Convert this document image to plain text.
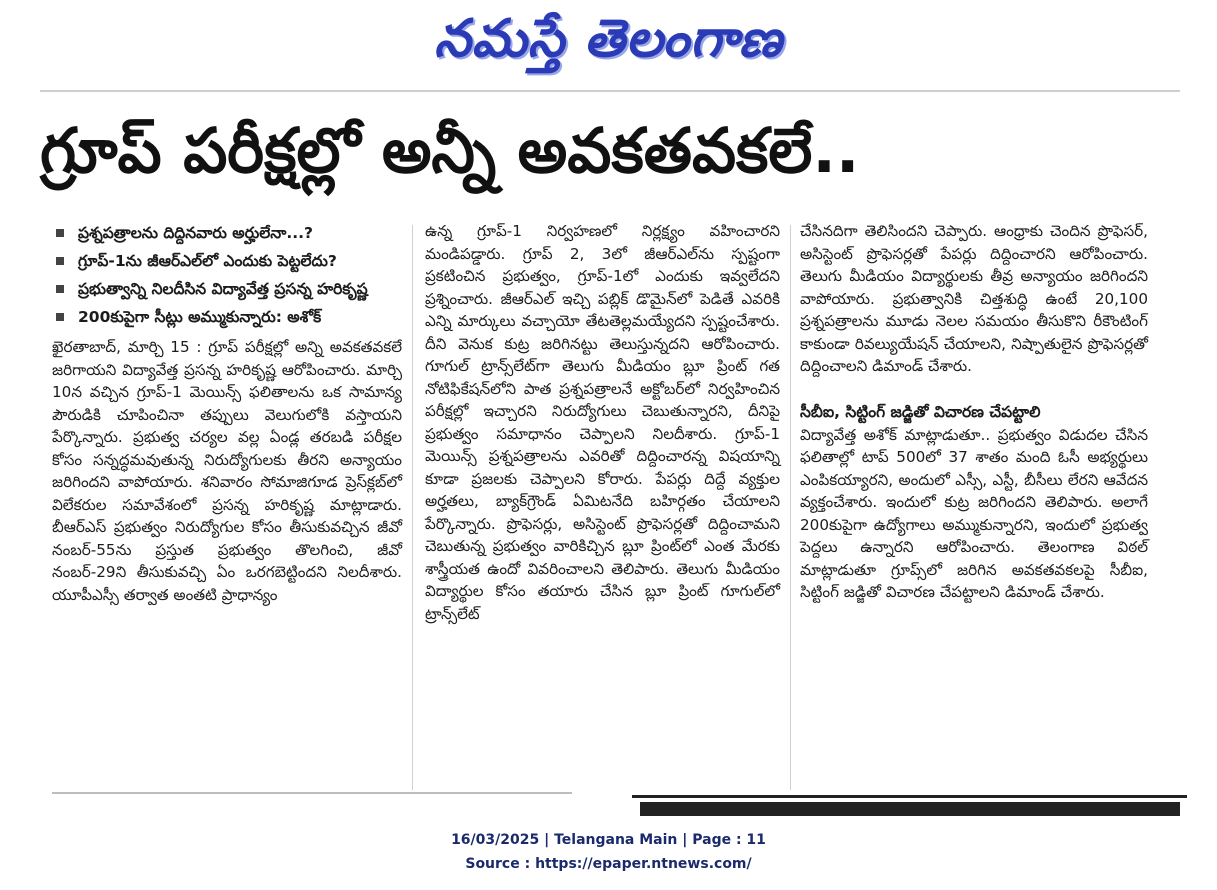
నమస్తే తెలంగాణ
గ్రూప్ పరీక్షల్లో అన్నీ అవకతవకలే..
ప్రశ్నపత్రాలను దిద్దినవారు అర్హులేనా...?
గ్రూప్-1ను జీఆర్‌ఎల్‌లో ఎందుకు పెట్టలేదు?
ప్రభుత్వాన్ని నిలదీసిన విద్యావేత్త ప్రసన్న హరికృష్ణ
200కుపైగా సీట్లు అమ్ముకున్నారు: అశోక్

ఖైరతాబాద్, మార్చి 15 : గ్రూప్ పరీక్షల్లో అన్ని అవకతవకలే జరిగాయని విద్యావేత్త ప్రసన్న హరికృష్ణ ఆరోపించారు. మార్చి 10న వచ్చిన గ్రూప్-1 మెయిన్స్ ఫలితాలను ఒక సామాన్య పౌరుడికి చూపించినా తప్పులు వెలుగులోకి వస్తాయని పేర్కొన్నారు. ప్రభుత్వ చర్యల వల్ల ఏండ్ల తరబడి పరీక్షల కోసం సన్నద్ధమవుతున్న నిరుద్యోగులకు తీరని అన్యాయం జరిగిందని వాపోయారు. శనివారం సోమాజిగూడ ప్రెస్‌క్లబ్‌లో విలేకరుల సమావేశంలో ప్రసన్న హరికృష్ణ మాట్లాడారు. బీఆర్‌ఎస్ ప్రభుత్వం నిరుద్యోగుల కోసం తీసుకువచ్చిన జీవో నంబర్-55ను ప్రస్తుత ప్రభుత్వం తొలగించి, జీవో నంబర్-29ని తీసుకువచ్చి ఏం ఒరగబెట్టిందని నిలదీశారు. యూపీఎస్సీ తర్వాత అంతటి ప్రాధాన్యం

ఉన్న గ్రూప్-1 నిర్వహణలో నిర్లక్ష్యం వహించారని మండిపడ్డారు. గ్రూప్ 2, 3లో జీఆర్‌ఎల్‌ను స్పష్టంగా ప్రకటించిన ప్రభుత్వం, గ్రూప్-1లో ఎందుకు ఇవ్వలేదని ప్రశ్నించారు. జీఆర్‌ఎల్ ఇచ్చి పబ్లిక్ డొమైన్‌లో పెడితే ఎవరికి ఎన్ని మార్కులు వచ్చాయో తేటతెల్లమయ్యేదని స్పష్టంచేశారు. దీని వెనుక కుట్ర జరిగినట్టు తెలుస్తున్నదని ఆరోపించారు. గూగుల్ ట్రాన్స్‌లేట్‌గా తెలుగు మీడియం బ్లూ ప్రింట్ గత నోటిఫికేషన్‌లోని పాత ప్రశ్నపత్రాలనే అక్టోబర్‌లో నిర్వహించిన పరీక్షల్లో ఇచ్చారని నిరుద్యోగులు చెబుతున్నారని, దీనిపై ప్రభుత్వం సమాధానం చెప్పాలని నిలదీశారు. గ్రూప్-1 మెయిన్స్ ప్రశ్నపత్రాలను ఎవరితో దిద్దించారన్న విషయాన్ని కూడా ప్రజలకు చెప్పాలని కోరారు. పేపర్లు దిద్దే వ్యక్తుల అర్హతలు, బ్యాక్‌గ్రౌండ్ ఏమిటనేది బహిర్గతం చేయాలని పేర్కొన్నారు. ప్రొఫెసర్లు, అసిస్టెంట్ ప్రొఫెసర్లతో దిద్దించామని చెబుతున్న ప్రభుత్వం వారికిచ్చిన బ్లూ ప్రింట్‌లో ఎంత మేరకు శాస్త్రీయత ఉందో వివరించాలని తెలిపారు. తెలుగు మీడియం విద్యార్థుల కోసం తయారు చేసిన బ్లూ ప్రింట్ గూగుల్‌లో ట్రాన్స్‌లేట్

చేసినదిగా తెలిసిందని చెప్పారు. ఆంధ్రాకు చెందిన ప్రొఫెసర్, అసిస్టెంట్ ప్రొఫెసర్లతో పేపర్లు దిద్దించారని ఆరోపించారు. తెలుగు మీడియం విద్యార్థులకు తీవ్ర అన్యాయం జరిగిందని వాపోయారు. ప్రభుత్వానికి చిత్తశుద్ధి ఉంటే 20,100 ప్రశ్నపత్రాలను మూడు నెలల సమయం తీసుకొని రీకౌంటింగ్ కాకుండా రివల్యుయేషన్ చేయాలని, నిష్పాతులైన ప్రొఫెసర్లతో దిద్దించాలని డిమాండ్ చేశారు.

సీబీఐ, సిట్టింగ్ జడ్జితో విచారణ చేపట్టాలి

విద్యావేత్త అశోక్ మాట్లాడుతూ.. ప్రభుత్వం విడుదల చేసిన ఫలితాల్లో టాప్ 500లో 37 శాతం మంది ఓసీ అభ్యర్థులు ఎంపికయ్యారని, అందులో ఎస్సీ, ఎస్టీ, బీసీలు లేరని ఆవేదన వ్యక్తంచేశారు. ఇందులో కుట్ర జరిగిందని తెలిపారు. అలాగే 200కుపైగా ఉద్యోగాలు అమ్ముకున్నారని, ఇందులో ప్రభుత్వ పెద్దలు ఉన్నారని ఆరోపించారు. తెలంగాణ విఠల్ మాట్లాడుతూ గ్రూప్స్‌లో జరిగిన అవకతవకలపై సీబీఐ, సిట్టింగ్ జడ్జితో విచారణ చేపట్టాలని డిమాండ్ చేశారు.

16/03/2025 | Telangana Main | Page : 11
Source : https://epaper.ntnews.com/
